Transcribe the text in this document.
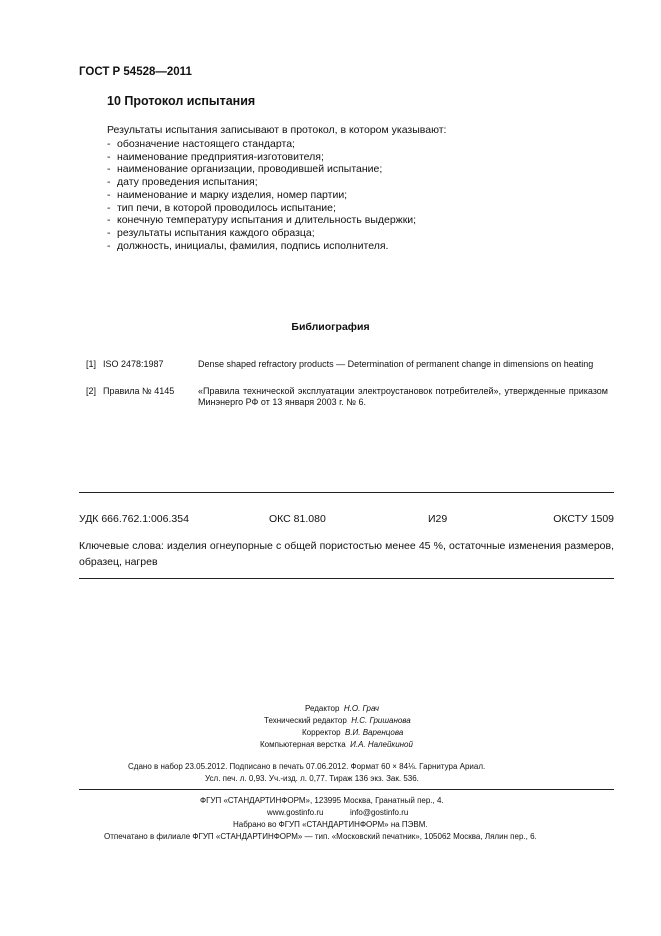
ГОСТ Р 54528—2011
10 Протокол испытания
Результаты испытания записывают в протокол, в котором указывают:
- обозначение настоящего стандарта;
- наименование предприятия-изготовителя;
- наименование организации, проводившей испытание;
- дату проведения испытания;
- наименование и марку изделия, номер партии;
- тип печи, в которой проводилось испытание;
- конечную температуру испытания и длительность выдержки;
- результаты испытания каждого образца;
- должность, инициалы, фамилия, подпись исполнителя.
Библиография
[1] ISO 2478:1987	Dense shaped refractory products — Determination of permanent change in dimensions on heating
[2] Правила № 4145	«Правила технической эксплуатации электроустановок потребителей», утвержденные приказом Минэнерго РФ от 13 января 2003 г. № 6.
УДК 666.762.1:006.354	ОКС 81.080	И29	ОКСТУ 1509
Ключевые слова: изделия огнеупорные с общей пористостью менее 45 %, остаточные изменения размеров, образец, нагрев
Редактор Н.О. Грач
Технический редактор Н.С. Гришанова
Корректор В.И. Варенцова
Компьютерная верстка И.А. Налейкиной
Сдано в набор 23.05.2012. Подписано в печать 07.06.2012. Формат 60 × 84⅛. Гарнитура Ариал.
Усл. печ. л. 0,93. Уч.-изд. л. 0,77. Тираж 136 экз. Зак. 536.
ФГУП «СТАНДАРТИНФОРМ», 123995 Москва, Гранатный пер., 4.
www.gostinfo.ru	info@gostinfo.ru
Набрано во ФГУП «СТАНДАРТИНФОРМ» на ПЭВМ.
Отпечатано в филиале ФГУП «СТАНДАРТИНФОРМ» — тип. «Московский печатник», 105062 Москва, Лялин пер., 6.
